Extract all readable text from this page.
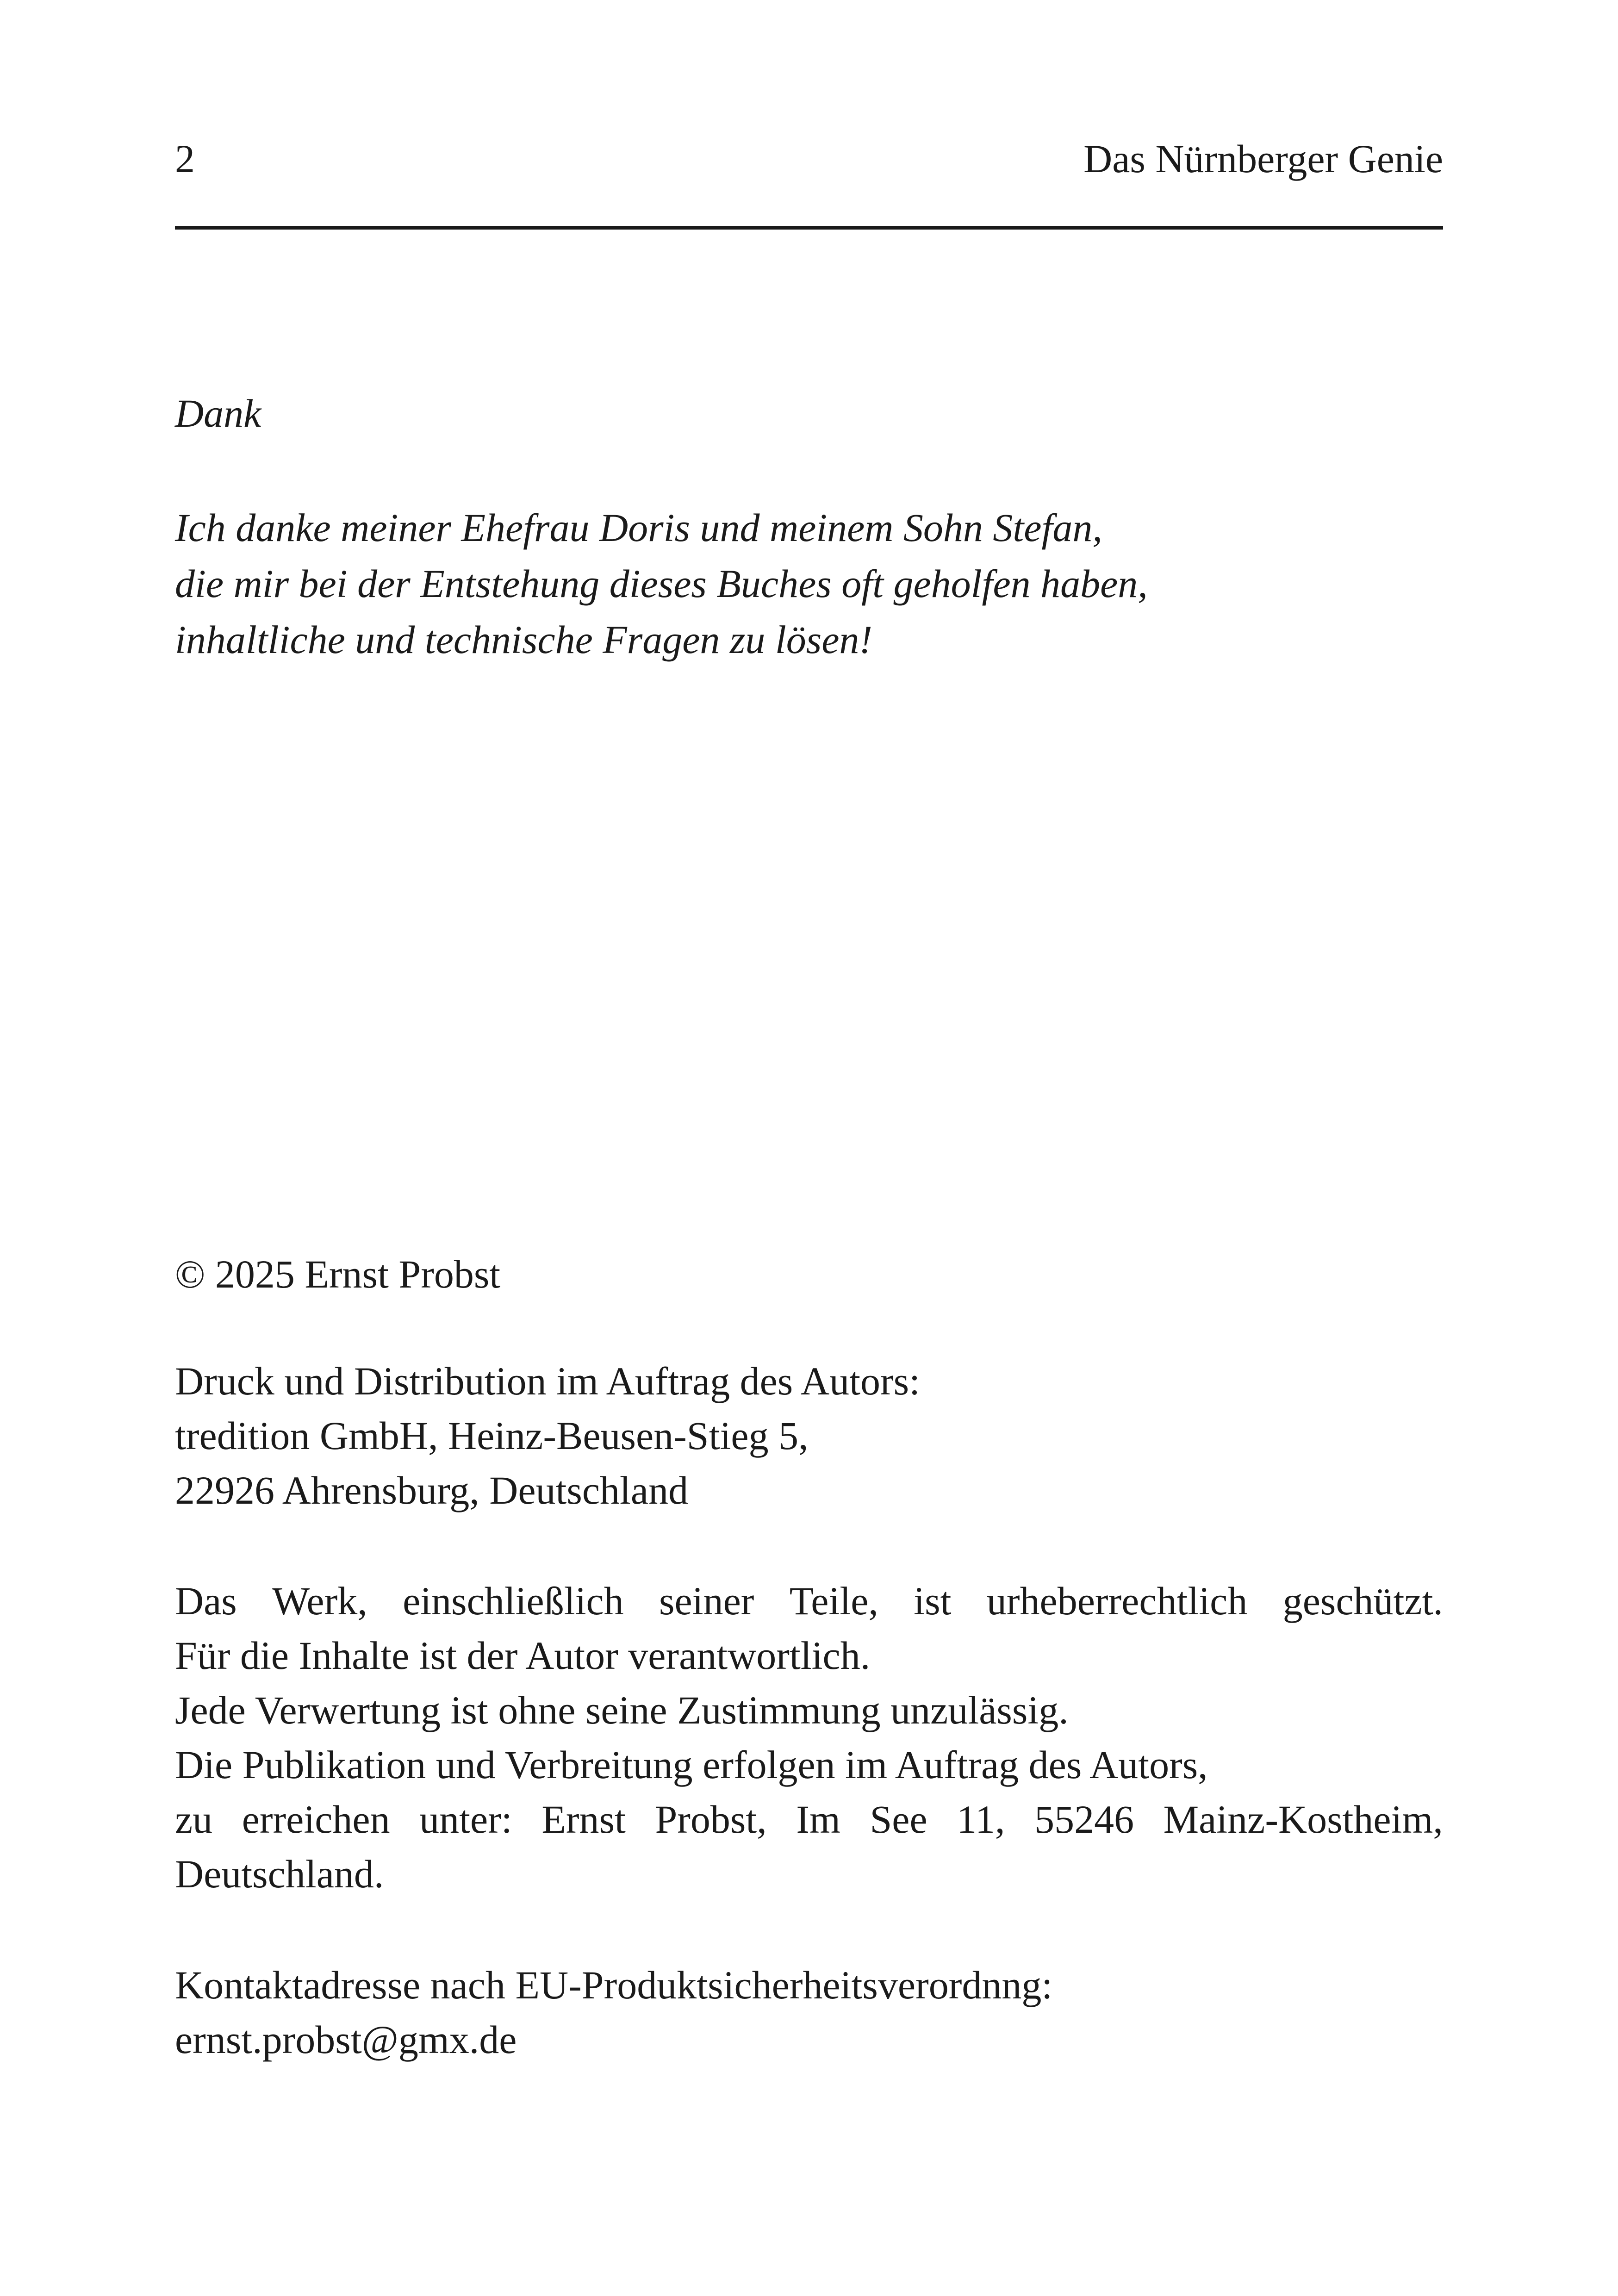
2	Das Nürnberger Genie
Dank
Ich danke meiner Ehefrau Doris und meinem Sohn Stefan,
die mir bei der Entstehung dieses Buches oft geholfen haben,
inhaltliche und technische Fragen zu lösen!
© 2025 Ernst Probst
Druck und Distribution im Auftrag des Autors:
tredition GmbH, Heinz-Beusen-Stieg 5,
22926 Ahrensburg, Deutschland
Das Werk, einschließlich seiner Teile, ist urheberrechtlich geschützt.
Für die Inhalte ist der Autor verantwortlich.
Jede Verwertung ist ohne seine Zustimmung unzulässig.
Die Publikation und Verbreitung erfolgen im Auftrag des Autors,
zu erreichen unter: Ernst Probst, Im See 11, 55246 Mainz-Kostheim,
Deutschland.
Kontaktadresse nach EU-Produktsicherheitsverordnng:
ernst.probst@gmx.de
